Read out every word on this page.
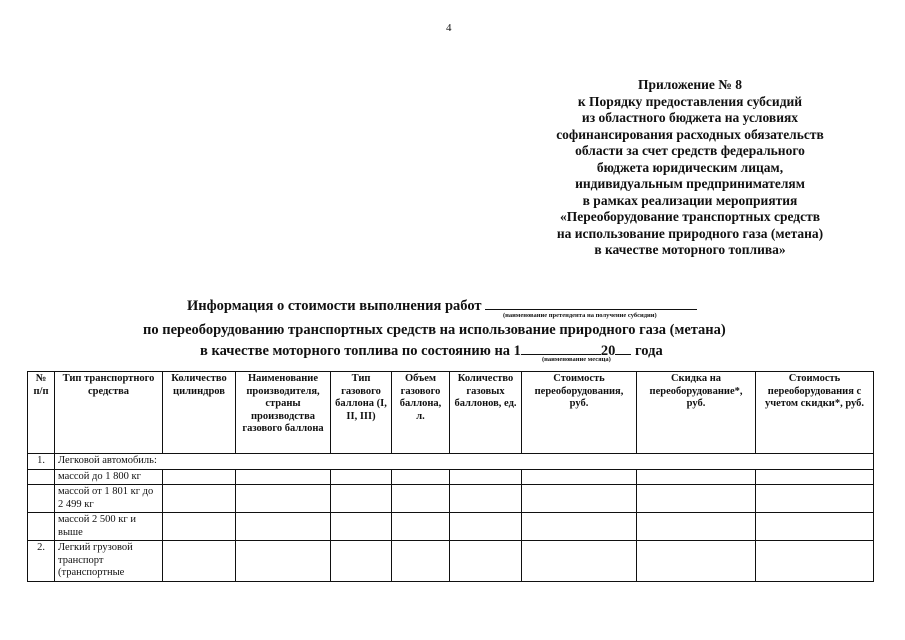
4
Приложение № 8
к Порядку предоставления субсидий
из областного бюджета на условиях
софинансирования расходных обязательств
области за счет средств федерального
бюджета юридическим лицам,
индивидуальным предпринимателям
в рамках реализации мероприятия
«Переоборудование транспортных средств
на использование природного газа (метана)
в качестве моторного топлива»
Информация о стоимости выполнения работ
(наименование претендента на получение субсидии)
по переоборудованию транспортных средств на использование природного газа (метана)
в качестве моторного топлива по состоянию на 1	20 года
(наименование месяца)
№ п/п	Тип транспортного средства	Количество цилиндров	Наименование производителя, страны производства газового баллона	Тип газового баллона (I, II, III)	Объем газового баллона, л.	Количество газовых баллонов, ед.	Стоимость переоборудования, руб.	Скидка на переоборудование*, руб.	Стоимость переоборудования с учетом скидки*, руб.
1.	Легковой автомобиль:								
	массой до 1 800 кг								
	массой от 1 801 кг до 2 499 кг								
	массой 2 500 кг и выше								
2.	Легкий грузовой транспорт (транспортные								
